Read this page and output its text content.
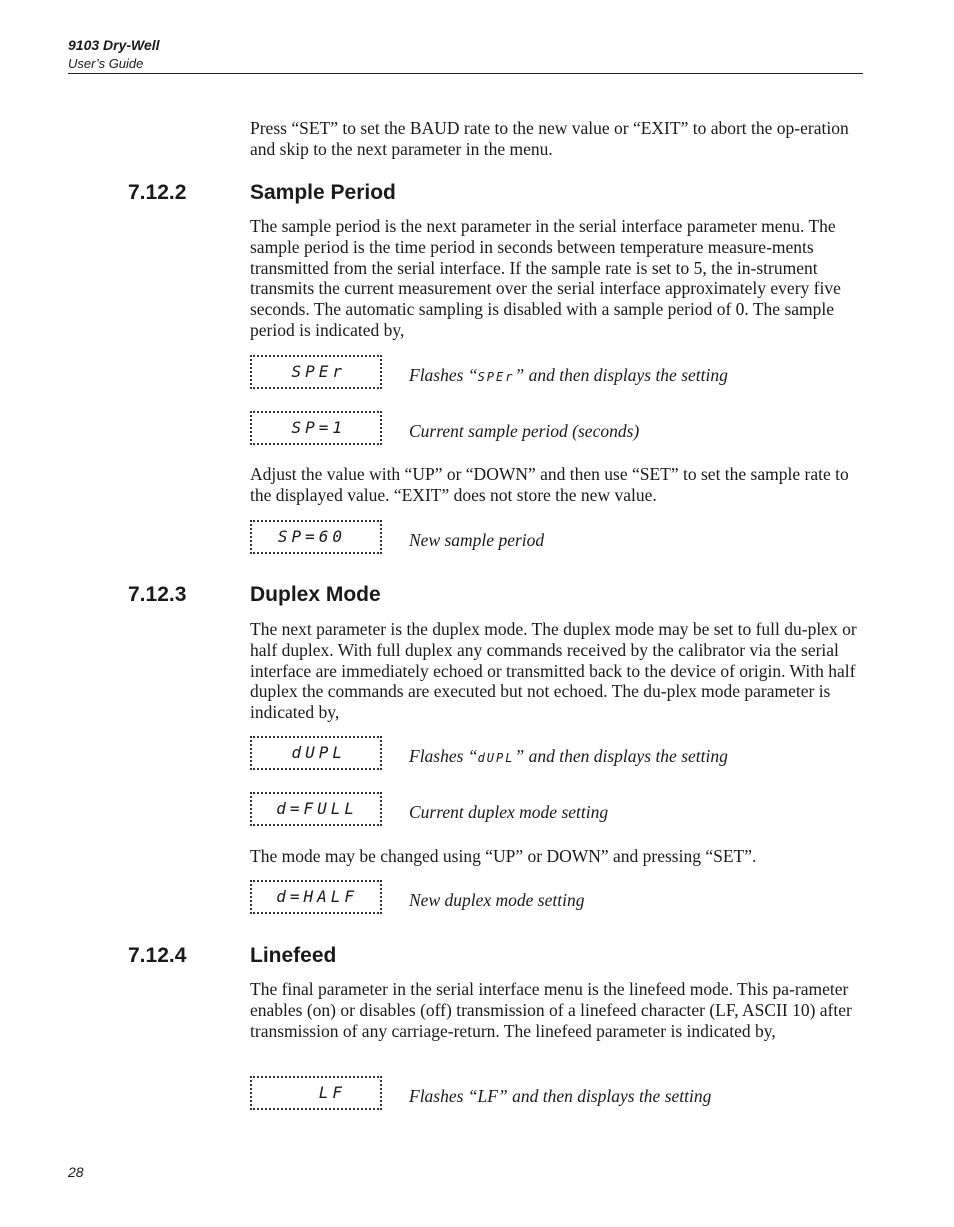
9103 Dry-Well
User’s Guide

Press “SET” to set the BAUD rate to the new value or “EXIT” to abort the op-eration and skip to the next parameter in the menu.

7.12.2	Sample Period

The sample period is the next parameter in the serial interface parameter menu. The sample period is the time period in seconds between temperature measure-ments transmitted from the serial interface. If the sample rate is set to 5, the in-strument transmits the current measurement over the serial interface approximately every five seconds. The automatic sampling is disabled with a sample period of 0. The sample period is indicated by,

SPEr	Flashes “SPEr” and then displays the setting
SP=1	Current sample period (seconds)

Adjust the value with “UP” or “DOWN” and then use “SET” to set the sample rate to the displayed value. “EXIT” does not store the new value.

SP=60	New sample period
7.12.3	Duplex Mode

The next parameter is the duplex mode. The duplex mode may be set to full du-plex or half duplex. With full duplex any commands received by the calibrator via the serial interface are immediately echoed or transmitted back to the device of origin. With half duplex the commands are executed but not echoed. The du-plex mode parameter is indicated by,

dUPL	Flashes “dUPL” and then displays the setting
d=FULL	Current duplex mode setting

The mode may be changed using “UP” or DOWN” and pressing “SET”.

d=HALF	New duplex mode setting
7.12.4	Linefeed

The final parameter in the serial interface menu is the linefeed mode. This pa-rameter enables (on) or disables (off) transmission of a linefeed character (LF, ASCII 10) after transmission of any carriage-return. The linefeed parameter is indicated by,

LF	Flashes “LF” and then displays the setting
28
